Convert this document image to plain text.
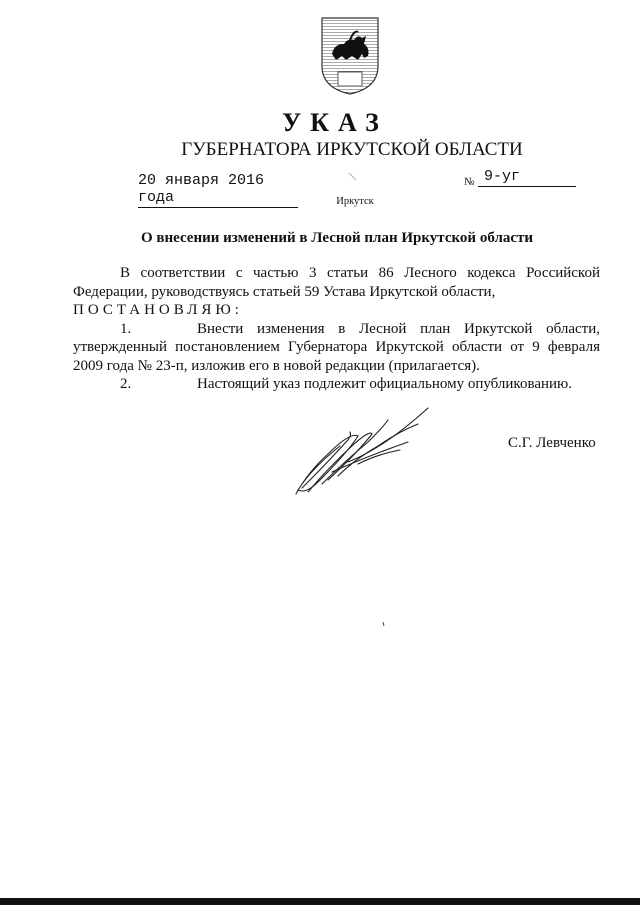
УКАЗ
ГУБЕРНАТОРА ИРКУТСКОЙ ОБЛАСТИ
20 января 2016 года
№ 9-уг
Иркутск
О внесении изменений в Лесной план Иркутской области

В соответствии с частью 3 статьи 86 Лесного кодекса Российской Федерации, руководствуясь статьей 59 Устава Иркутской области,
ПОСТАНОВЛЯЮ:

1.	Внести изменения в Лесной план Иркутской области, утвержденный постановлением Губернатора Иркутской области от 9 февраля 2009 года № 23-п, изложив его в новой редакции (прилагается).

2.	Настоящий указ подлежит официальному опубликованию.

С.Г. Левченко
